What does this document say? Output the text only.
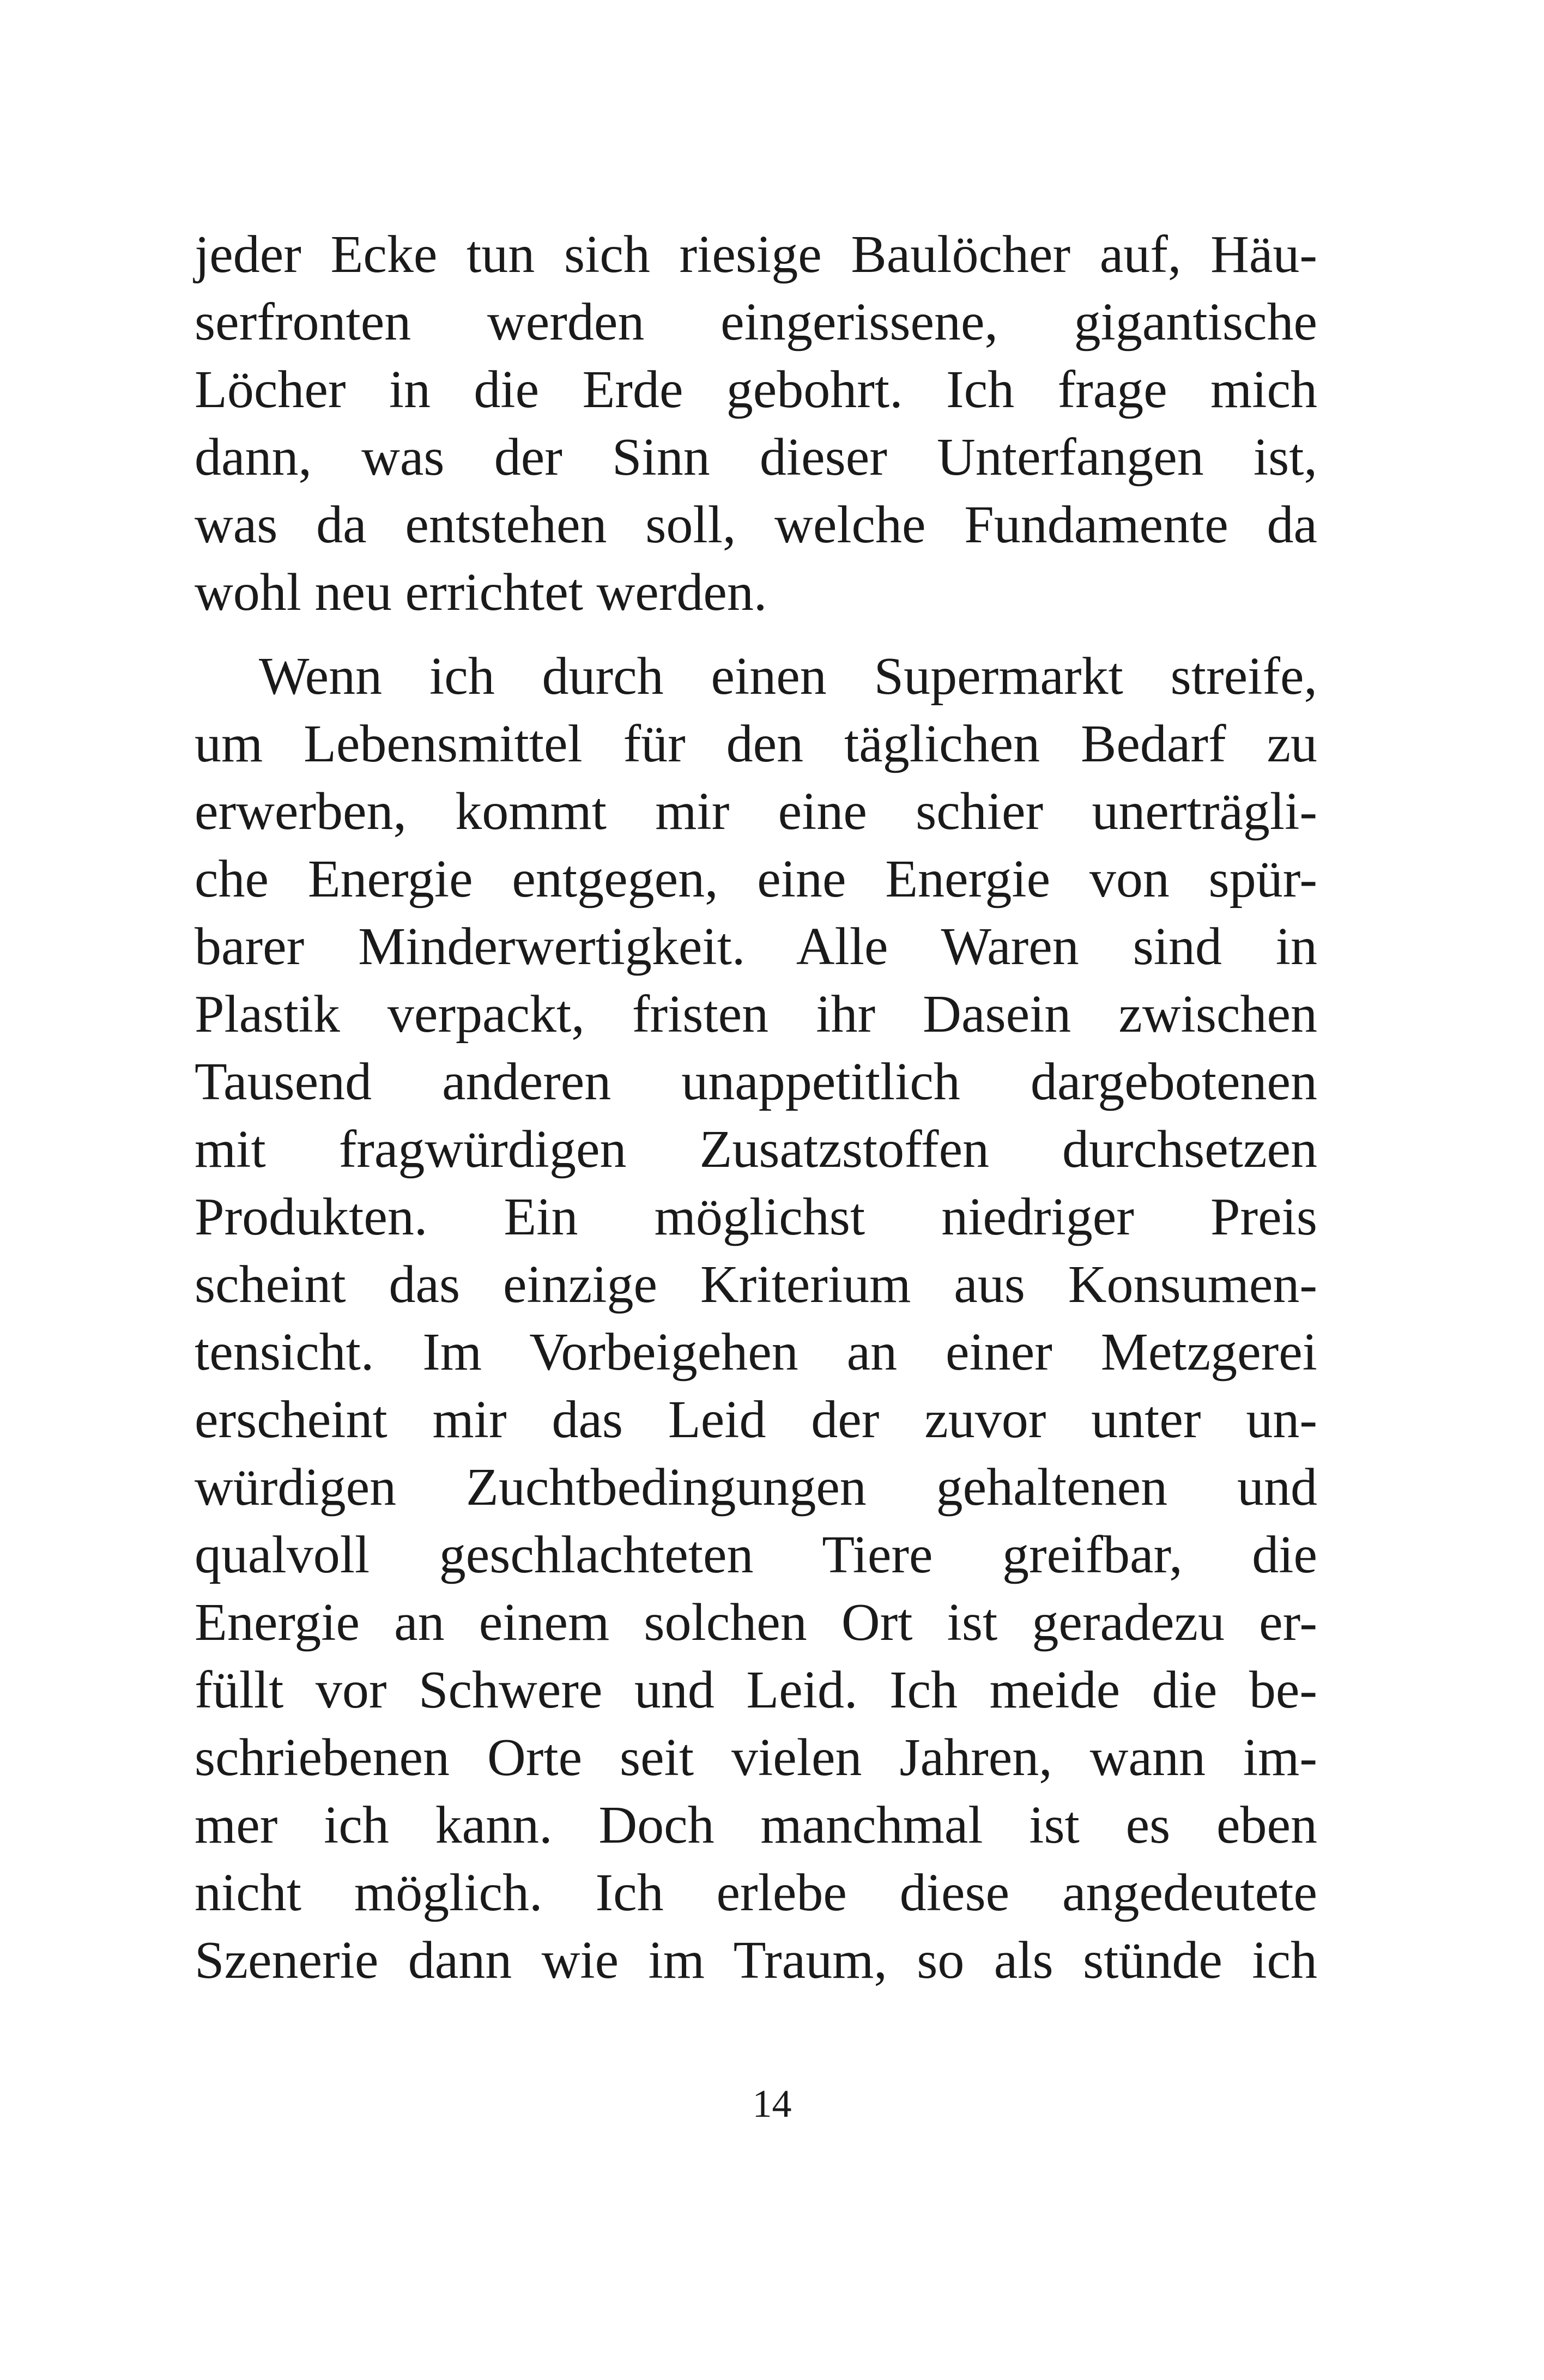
jeder Ecke tun sich riesige Baulöcher auf, Häu-
serfronten werden eingerissene, gigantische
Löcher in die Erde gebohrt. Ich frage mich
dann, was der Sinn dieser Unterfangen ist,
was da entstehen soll, welche Fundamente da
wohl neu errichtet werden.
Wenn ich durch einen Supermarkt streife,
um Lebensmittel für den täglichen Bedarf zu
erwerben, kommt mir eine schier unerträgli-
che Energie entgegen, eine Energie von spür-
barer Minderwertigkeit. Alle Waren sind in
Plastik verpackt, fristen ihr Dasein zwischen
Tausend anderen unappetitlich dargebotenen
mit fragwürdigen Zusatzstoffen durchsetzen
Produkten. Ein möglichst niedriger Preis
scheint das einzige Kriterium aus Konsumen-
tensicht. Im Vorbeigehen an einer Metzgerei
erscheint mir das Leid der zuvor unter un-
würdigen Zuchtbedingungen gehaltenen und
qualvoll geschlachteten Tiere greifbar, die
Energie an einem solchen Ort ist geradezu er-
füllt vor Schwere und Leid. Ich meide die be-
schriebenen Orte seit vielen Jahren, wann im-
mer ich kann. Doch manchmal ist es eben
nicht möglich. Ich erlebe diese angedeutete
Szenerie dann wie im Traum, so als stünde ich
14
